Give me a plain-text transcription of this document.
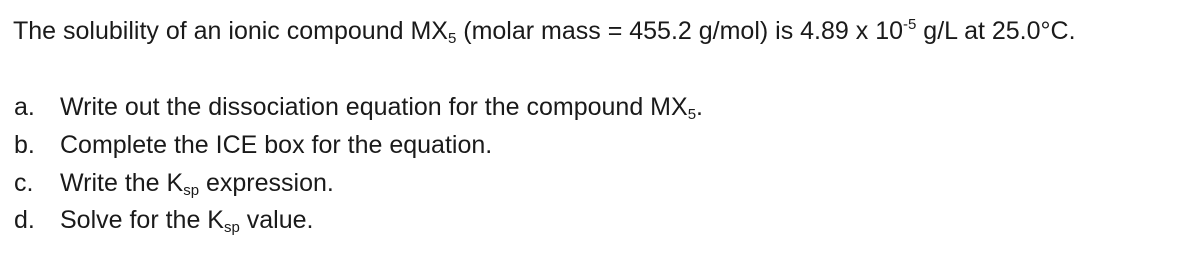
The solubility of an ionic compound $MX_5$ (molar mass = 455.2 g/mol) is 4.89 x $10^{-5}$ g/L at 25.0°C.
a. Write out the dissociation equation for the compound $MX_5$.
b. Complete the ICE box for the equation.
c. Write the $K_{sp}$ expression.
d. Solve for the $K_{sp}$ value.
